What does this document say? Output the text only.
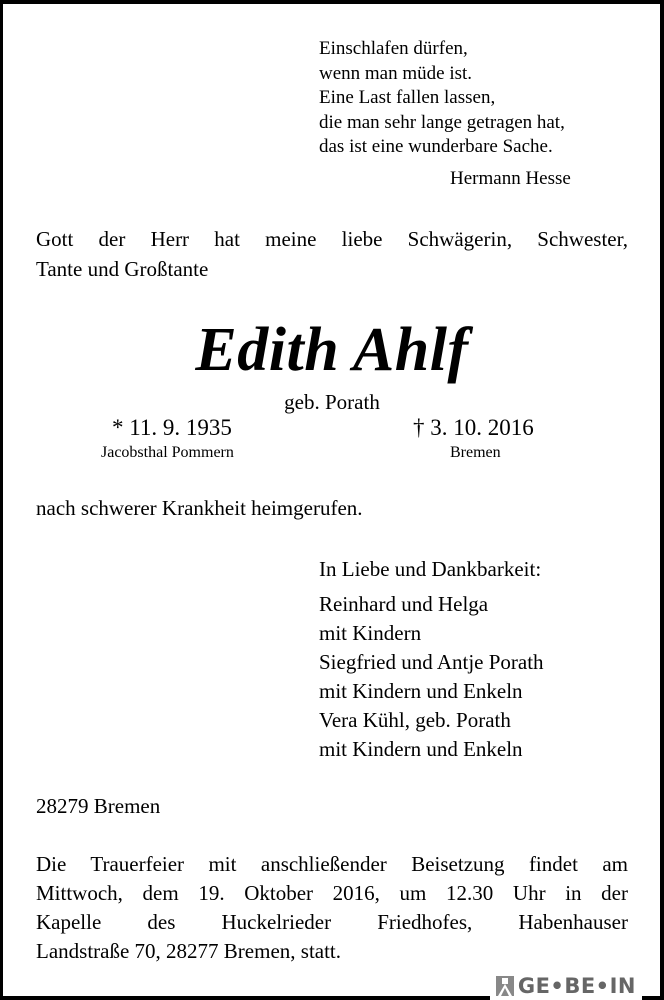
Einschlafen dürfen,
wenn man müde ist.
Eine Last fallen lassen,
die man sehr lange getragen hat,
das ist eine wunderbare Sache.
Hermann Hesse
Gott der Herr hat meine liebe Schwägerin, Schwester,
Tante und Großtante
Edith Ahlf
geb. Porath
* 11. 9. 1935	† 3. 10. 2016
Jacobsthal Pommern	Bremen
nach schwerer Krankheit heimgerufen.
In Liebe und Dankbarkeit:
Reinhard und Helga
mit Kindern
Siegfried und Antje Porath
mit Kindern und Enkeln
Vera Kühl, geb. Porath
mit Kindern und Enkeln
28279 Bremen
Die Trauerfeier mit anschließender Beisetzung findet am
Mittwoch, dem 19. Oktober 2016, um 12.30 Uhr in der
Kapelle des Huckelrieder Friedhofes, Habenhauser
Landstraße 70, 28277 Bremen, statt.
GE•BE•IN
